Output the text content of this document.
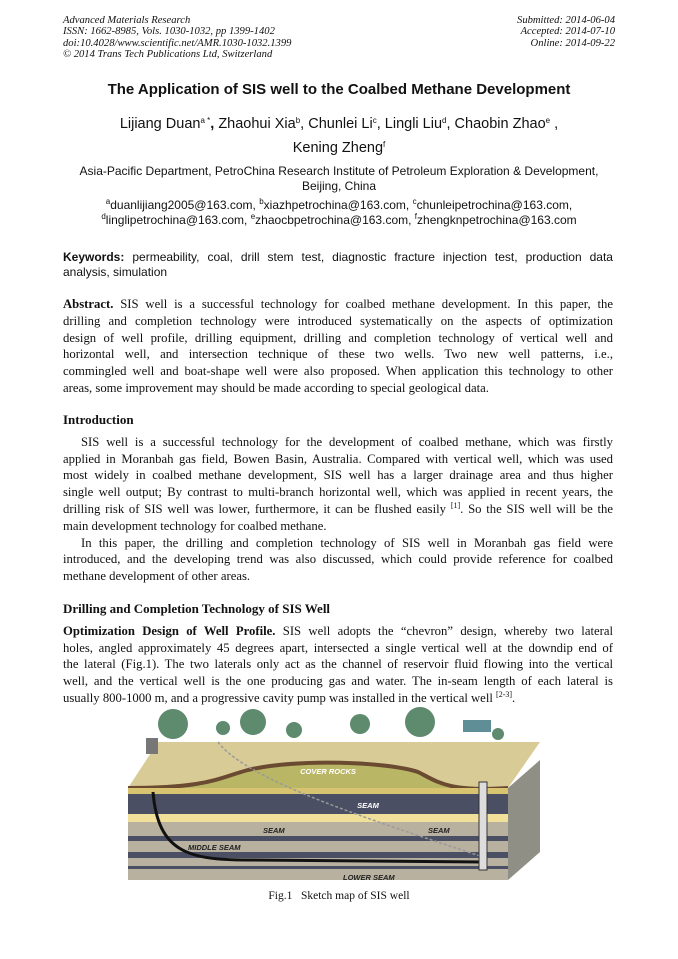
Advanced Materials Research
ISSN: 1662-8985, Vols. 1030-1032, pp 1399-1402
doi:10.4028/www.scientific.net/AMR.1030-1032.1399
© 2014 Trans Tech Publications Ltd, Switzerland
Submitted: 2014-06-04
Accepted: 2014-07-10
Online: 2014-09-22
The Application of SIS well to the Coalbed Methane Development
Lijiang Duan$^{a *}$, Zhaohui Xia$^b$, Chunlei Li$^c$, Lingli Liu$^d$, Chaobin Zhao$^e$ ,
Kening Zheng$^f$
Asia-Pacific Department, PetroChina Research Institute of Petroleum Exploration & Development,
Beijing, China
$^a$duanlijiang2005@163.com, $^b$xiazhpetrochina@163.com, $^c$chunleipetrochina@163.com,
$^d$linglipetrochina@163.com, $^e$zhaocbpetrochina@163.com, $^f$zhengknpetrochina@163.com
Keywords: permeability, coal, drill stem test, diagnostic fracture injection test, production data
analysis, simulation
Abstract. SIS well is a successful technology for coalbed methane development. In this paper, the
drilling and completion technology were introduced systematically on the aspects of optimization
design of well profile, drilling equipment, drilling and completion technology of vertical well and
horizontal well, and intersection technique of these two wells. Two new well patterns, i.e.,
commingled well and boat-shape well were also proposed. When application this technology to other
areas, some improvement may should be made according to special geological data.
Introduction
SIS well is a successful technology for the development of coalbed methane, which was firstly
applied in Moranbah gas field, Bowen Basin, Australia. Compared with vertical well, which was used
most widely in coalbed methane development, SIS well has a larger drainage area and thus higher
single well output; By contrast to multi-branch horizontal well, which was applied in recent years, the
drilling risk of SIS well was lower, furthermore, it can be flushed easily [1]. So the SIS well will be the
main development technology for coalbed methane.
In this paper, the drilling and completion technology of SIS well in Moranbah gas field were
introduced, and the developing trend was also discussed, which could provide reference for coalbed
methane development of other areas.
Drilling and Completion Technology of SIS Well
Optimization Design of Well Profile. SIS well adopts the “chevron” design, whereby two lateral
holes, angled approximately 45 degrees apart, intersected a single vertical well at the downdip end of
the lateral (Fig.1). The two laterals only act as the channel of reservoir fluid flowing into the vertical
well, and the vertical well is the one producing gas and water. The in-seam length of each lateral is
usually 800-1000 m, and a progressive cavity pump was installed in the vertical well [2-3].
COVER ROCKS
SEAM
SEAM	SEAM
MIDDLE SEAM
LOWER SEAM
Fig.1   Sketch map of SIS well
